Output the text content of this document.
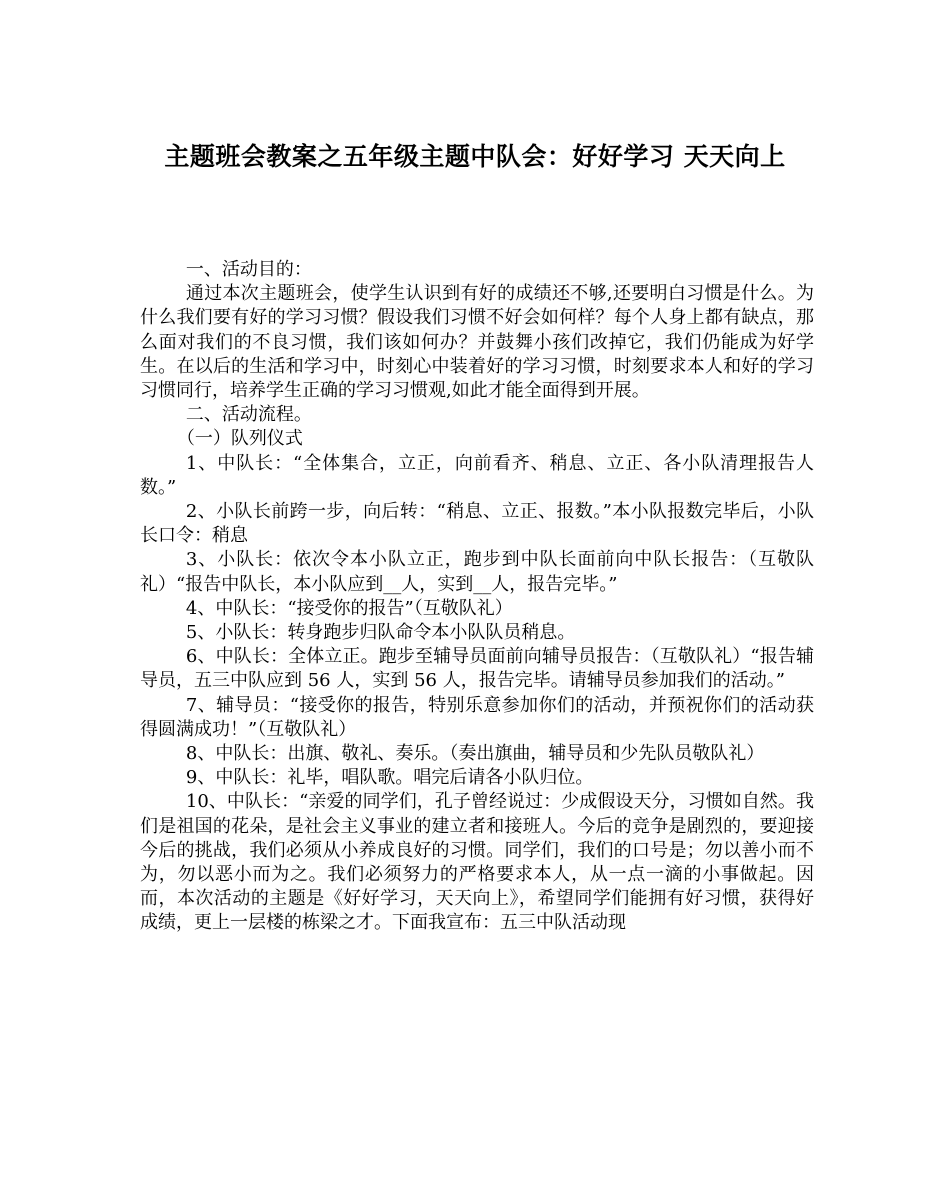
主题班会教案之五年级主题中队会：好好学习 天天向上

一、活动目的：

通过本次主题班会，使学生认识到有好的成绩还不够,还要明白习惯是什么。为什么我们要有好的学习习惯？假设我们习惯不好会如何样？每个人身上都有缺点，那么面对我们的不良习惯，我们该如何办？并鼓舞小孩们改掉它，我们仍能成为好学生。在以后的生活和学习中，时刻心中装着好的学习习惯，时刻要求本人和好的学习习惯同行，培养学生正确的学习习惯观,如此才能全面得到开展。

二、活动流程。

（一）队列仪式

1、中队长：“全体集合，立正，向前看齐、稍息、立正、各小队清理报告人数。”

2、小队长前跨一步，向后转：“稍息、立正、报数。”本小队报数完毕后，小队长口令：稍息

3、小队长：依次令本小队立正，跑步到中队长面前向中队长报告：（互敬队礼）“报告中队长，本小队应到__人，实到__人，报告完毕。”

4、中队长：“接受你的报告”（互敬队礼）

5、小队长：转身跑步归队命令本小队队员稍息。

6、中队长：全体立正。跑步至辅导员面前向辅导员报告：（互敬队礼）“报告辅导员，五三中队应到 56 人，实到 56 人，报告完毕。请辅导员参加我们的活动。”

7、辅导员：“接受你的报告，特别乐意参加你们的活动，并预祝你们的活动获得圆满成功！”（互敬队礼）

8、中队长：出旗、敬礼、奏乐。（奏出旗曲，辅导员和少先队员敬队礼）

9、中队长：礼毕，唱队歌。唱完后请各小队归位。

10、中队长：“亲爱的同学们，孔子曾经说过：少成假设天分，习惯如自然。我们是祖国的花朵，是社会主义事业的建立者和接班人。今后的竞争是剧烈的，要迎接今后的挑战，我们必须从小养成良好的习惯。同学们，我们的口号是；勿以善小而不为，勿以恶小而为之。我们必须努力的严格要求本人，从一点一滴的小事做起。因而，本次活动的主题是《好好学习，天天向上》，希望同学们能拥有好习惯，获得好成绩，更上一层楼的栋梁之才。下面我宣布：五三中队活动现
